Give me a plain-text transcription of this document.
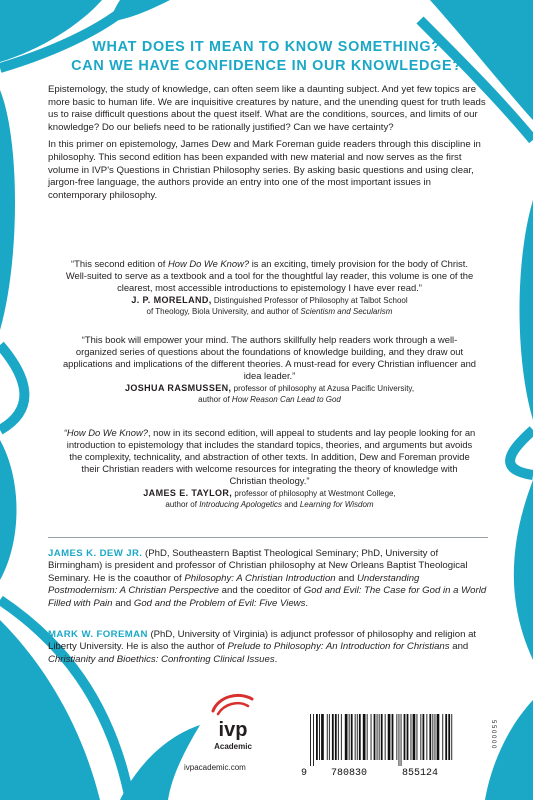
WHAT DOES IT MEAN TO KNOW SOMETHING?
CAN WE HAVE CONFIDENCE IN OUR KNOWLEDGE?

Epistemology, the study of knowledge, can often seem like a daunting subject. And yet few topics are more basic to human life. We are inquisitive creatures by nature, and the unending quest for truth leads us to raise difficult questions about the quest itself. What are the conditions, sources, and limits of our knowledge? Do our beliefs need to be rationally justified? Can we have certainty?

In this primer on epistemology, James Dew and Mark Foreman guide readers through this discipline in philosophy. This second edition has been expanded with new material and now serves as the first volume in IVP's Questions in Christian Philosophy series. By asking basic questions and using clear, jargon-free language, the authors provide an entry into one of the most important issues in contemporary philosophy.

“This second edition of How Do We Know? is an exciting, timely provision for the body of Christ. Well-suited to serve as a textbook and a tool for the thoughtful lay reader, this volume is one of the clearest, most accessible introductions to epistemology I have ever read.”

J. P. MORELAND, Distinguished Professor of Philosophy at Talbot School
of Theology, Biola University, and author of Scientism and Secularism

“This book will empower your mind. The authors skillfully help readers work through a well-organized series of questions about the foundations of knowledge building, and they draw out applications and implications of the different theories. A must-read for every Christian influencer and idea leader.”

JOSHUA RASMUSSEN, professor of philosophy at Azusa Pacific University,
author of How Reason Can Lead to God

“How Do We Know?, now in its second edition, will appeal to students and lay people looking for an introduction to epistemology that includes the standard topics, theories, and arguments but avoids the complexity, technicality, and abstraction of other texts. In addition, Dew and Foreman provide their Christian readers with welcome resources for integrating the theory of knowledge with Christian theology.”

JAMES E. TAYLOR, professor of philosophy at Westmont College,
author of Introducing Apologetics and Learning for Wisdom

JAMES K. DEW JR. (PhD, Southeastern Baptist Theological Seminary; PhD, University of Birmingham) is president and professor of Christian philosophy at New Orleans Baptist Theological Seminary. He is the coauthor of Philosophy: A Christian Introduction and Understanding Postmodernism: A Christian Perspective and the coeditor of God and Evil: The Case for God in a World Filled with Pain and God and the Problem of Evil: Five Views.

MARK W. FOREMAN (PhD, University of Virginia) is adjunct professor of philosophy and religion at Liberty University. He is also the author of Prelude to Philosophy: An Introduction for Christians and Christianity and Bioethics: Confronting Clinical Issues.

ivp
Academic
ivpacademic.com
9 780830	855124
5 5 0 0 0 0
